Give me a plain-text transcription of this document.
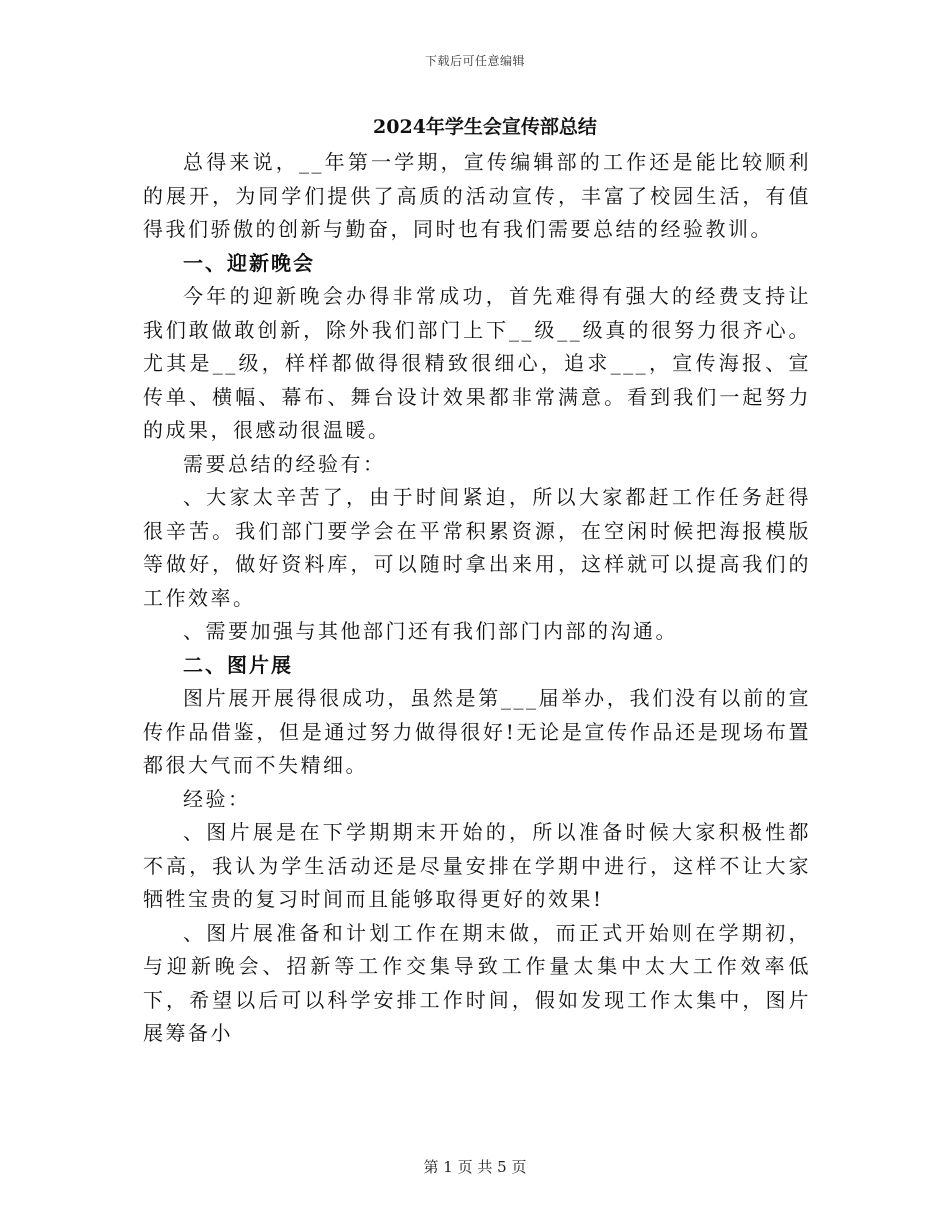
下载后可任意编辑
2024年学生会宣传部总结

总得来说，__年第一学期，宣传编辑部的工作还是能比较顺利的展开，为同学们提供了高质的活动宣传，丰富了校园生活，有值得我们骄傲的创新与勤奋，同时也有我们需要总结的经验教训。

一、迎新晚会

今年的迎新晚会办得非常成功，首先难得有强大的经费支持让我们敢做敢创新，除外我们部门上下__级__级真的很努力很齐心。尤其是__级，样样都做得很精致很细心，追求___，宣传海报、宣传单、横幅、幕布、舞台设计效果都非常满意。看到我们一起努力的成果，很感动很温暖。

需要总结的经验有：

、大家太辛苦了，由于时间紧迫，所以大家都赶工作任务赶得很辛苦。我们部门要学会在平常积累资源，在空闲时候把海报模版等做好，做好资料库，可以随时拿出来用，这样就可以提高我们的工作效率。

、需要加强与其他部门还有我们部门内部的沟通。

二、图片展

图片展开展得很成功，虽然是第___届举办，我们没有以前的宣传作品借鉴，但是通过努力做得很好!无论是宣传作品还是现场布置都很大气而不失精细。

经验：

、图片展是在下学期期末开始的，所以准备时候大家积极性都不高，我认为学生活动还是尽量安排在学期中进行，这样不让大家牺牲宝贵的复习时间而且能够取得更好的效果!

、图片展准备和计划工作在期末做，而正式开始则在学期初，与迎新晚会、招新等工作交集导致工作量太集中太大工作效率低下，希望以后可以科学安排工作时间，假如发现工作太集中，图片展筹备小

第 1 页 共 5 页
